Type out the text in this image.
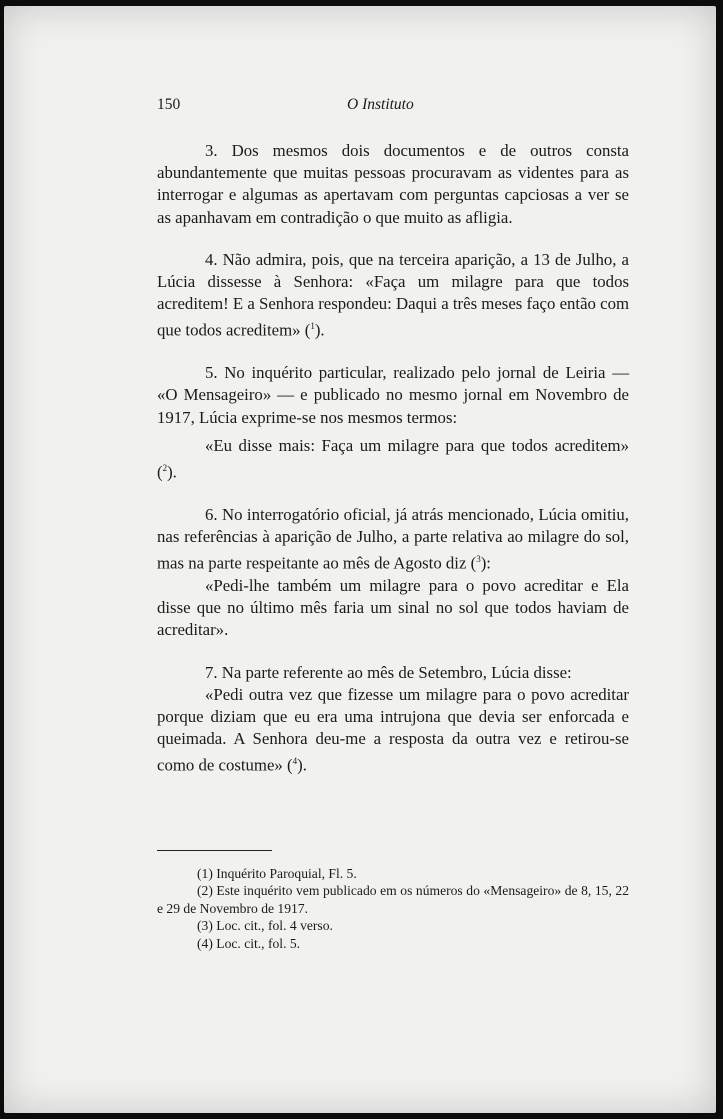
150	O Instituto

3. Dos mesmos dois documentos e de outros consta abundantemente que muitas pessoas procuravam as videntes para as interrogar e algumas as apertavam com perguntas capciosas a ver se as apanhavam em contradição o que muito as afligia.

4. Não admira, pois, que na terceira aparição, a 13 de Julho, a Lúcia dissesse à Senhora: «Faça um milagre para que todos acreditem! E a Senhora respondeu: Daqui a três meses faço então com que todos acreditem» ($^1$).

5. No inquérito particular, realizado pelo jornal de Leiria — «O Mensageiro» — e publicado no mesmo jornal em Novembro de 1917, Lúcia exprime-se nos mesmos termos:

«Eu disse mais: Faça um milagre para que todos acreditem» ($^2$).

6. No interrogatório oficial, já atrás mencionado, Lúcia omitiu, nas referências à aparição de Julho, a parte relativa ao milagre do sol, mas na parte respeitante ao mês de Agosto diz ($^3$):

«Pedi-lhe também um milagre para o povo acreditar e Ela disse que no último mês faria um sinal no sol que todos haviam de acreditar».

7. Na parte referente ao mês de Setembro, Lúcia disse:

«Pedi outra vez que fizesse um milagre para o povo acreditar porque diziam que eu era uma intrujona que devia ser enforcada e queimada. A Senhora deu-me a resposta da outra vez e retirou-se como de costume» ($^4$).

(1) Inquérito Paroquial, Fl. 5.

(2) Este inquérito vem publicado em os números do «Mensageiro» de 8, 15, 22 e 29 de Novembro de 1917.

(3) Loc. cit., fol. 4 verso.

(4) Loc. cit., fol. 5.
